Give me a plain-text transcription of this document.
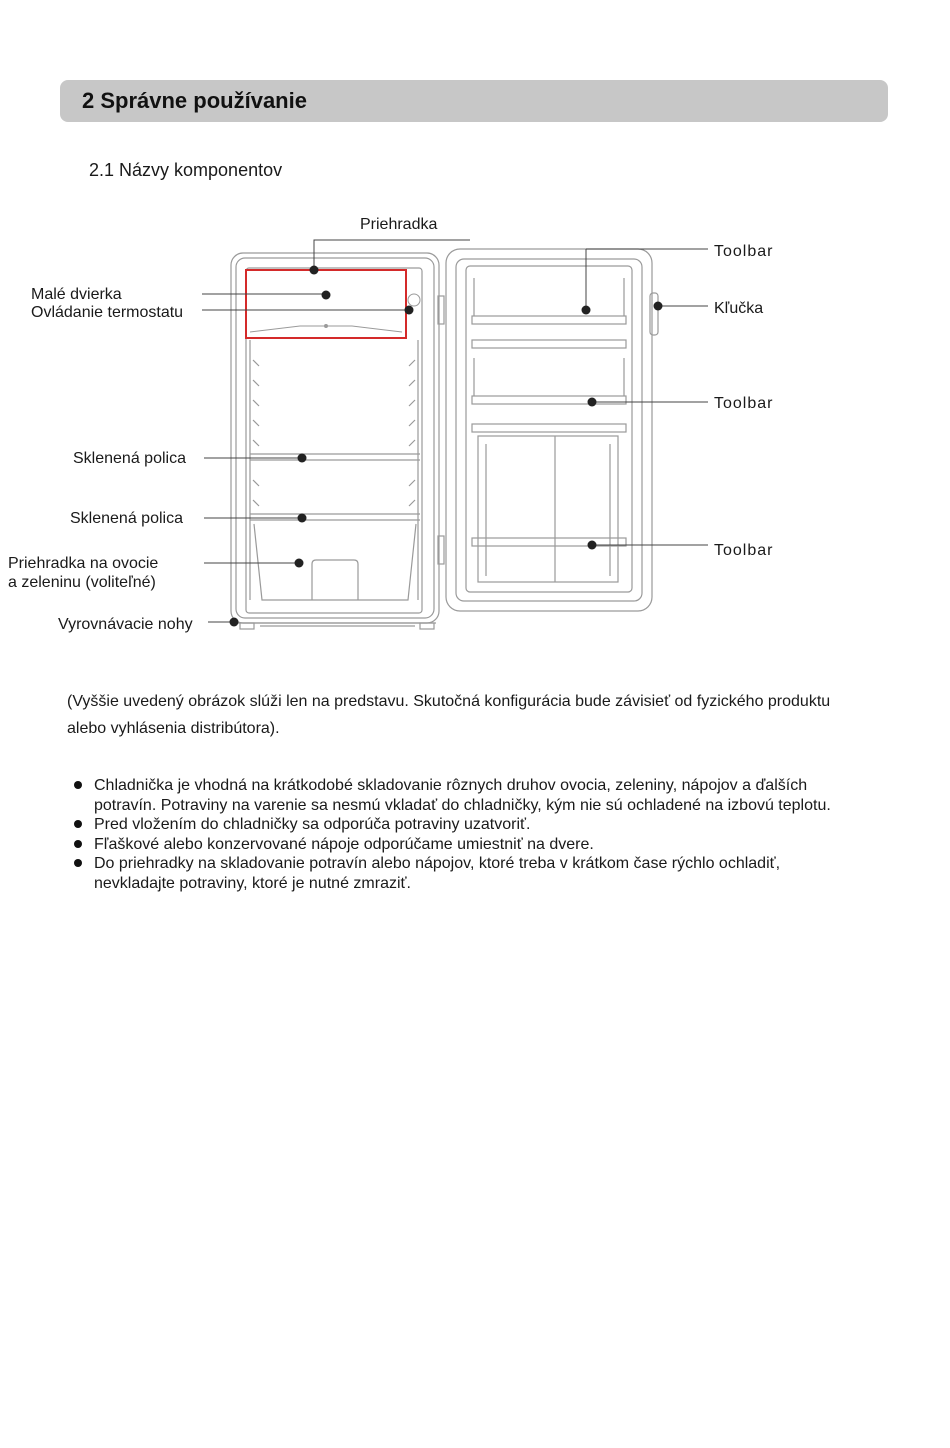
2 Správne používanie
2.1 Názvy komponentov
Priehradka
Malé dvierka
Ovládanie termostatu
Sklenená polica
Sklenená polica
Priehradka na ovocie
a zeleninu (voliteľné)
Vyrovnávacie nohy
Toolbar
Kľučka
Toolbar
Toolbar

(Vyššie uvedený obrázok slúži len na predstavu. Skutočná konfigurácia bude závisieť od fyzického produktu alebo vyhlásenia distribútora).

Chladnička je vhodná na krátkodobé skladovanie rôznych druhov ovocia, zeleniny, nápojov a ďalších potravín. Potraviny na varenie sa nesmú vkladať do chladničky, kým nie sú ochladené na izbovú teplotu.
Pred vložením do chladničky sa odporúča potraviny uzatvoriť.
Fľaškové alebo konzervované nápoje odporúčame umiestniť na dvere.
Do priehradky na skladovanie potravín alebo nápojov, ktoré treba v krátkom čase rýchlo ochladiť, nevkladajte potraviny, ktoré je nutné zmraziť.
